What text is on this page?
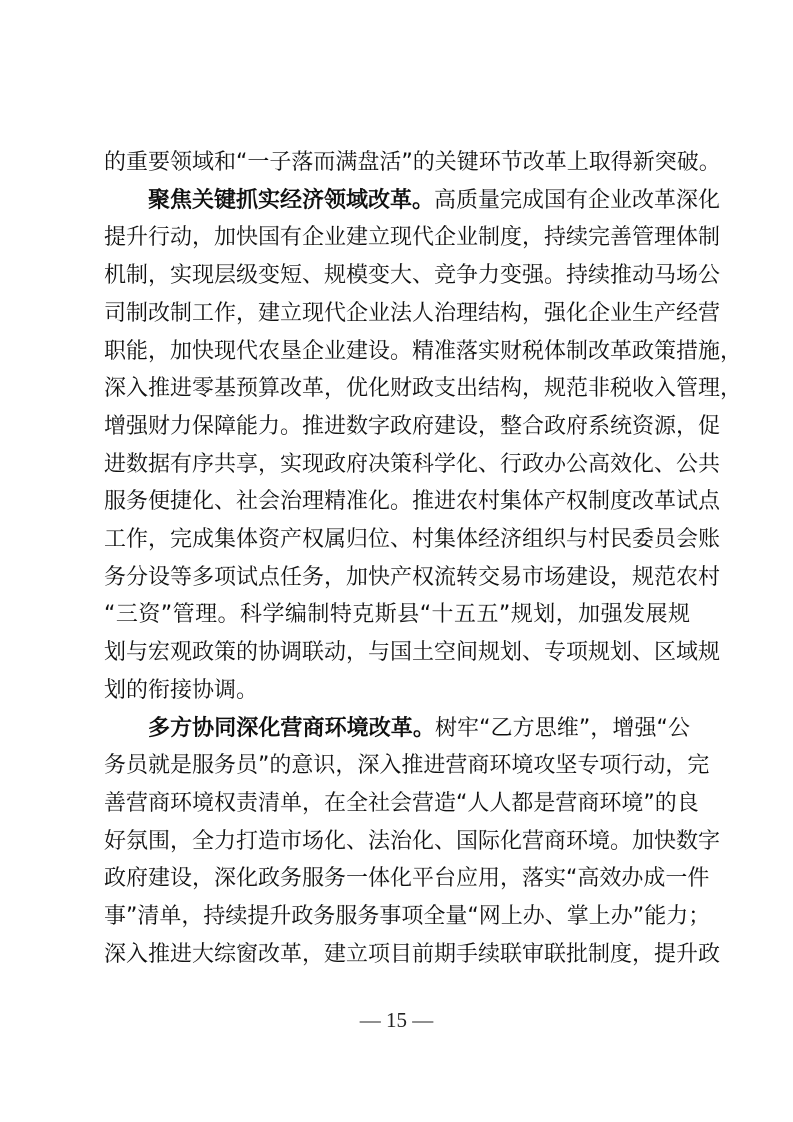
的重要领域和“一子落而满盘活”的关键环节改革上取得新突破。
聚焦关键抓实经济领域改革。高质量完成国有企业改革深化
提升行动，加快国有企业建立现代企业制度，持续完善管理体制
机制，实现层级变短、规模变大、竞争力变强。持续推动马场公
司制改制工作，建立现代企业法人治理结构，强化企业生产经营
职能，加快现代农垦企业建设。精准落实财税体制改革政策措施，
深入推进零基预算改革，优化财政支出结构，规范非税收入管理，
增强财力保障能力。推进数字政府建设，整合政府系统资源，促
进数据有序共享，实现政府决策科学化、行政办公高效化、公共
服务便捷化、社会治理精准化。推进农村集体产权制度改革试点
工作，完成集体资产权属归位、村集体经济组织与村民委员会账
务分设等多项试点任务，加快产权流转交易市场建设，规范农村
“三资”管理。科学编制特克斯县“十五五”规划，加强发展规
划与宏观政策的协调联动，与国土空间规划、专项规划、区域规
划的衔接协调。
多方协同深化营商环境改革。树牢“乙方思维”，增强“公
务员就是服务员”的意识，深入推进营商环境攻坚专项行动，完
善营商环境权责清单，在全社会营造“人人都是营商环境”的良
好氛围，全力打造市场化、法治化、国际化营商环境。加快数字
政府建设，深化政务服务一体化平台应用，落实“高效办成一件
事”清单，持续提升政务服务事项全量“网上办、掌上办”能力；
深入推进大综窗改革，建立项目前期手续联审联批制度，提升政
— 15 —
